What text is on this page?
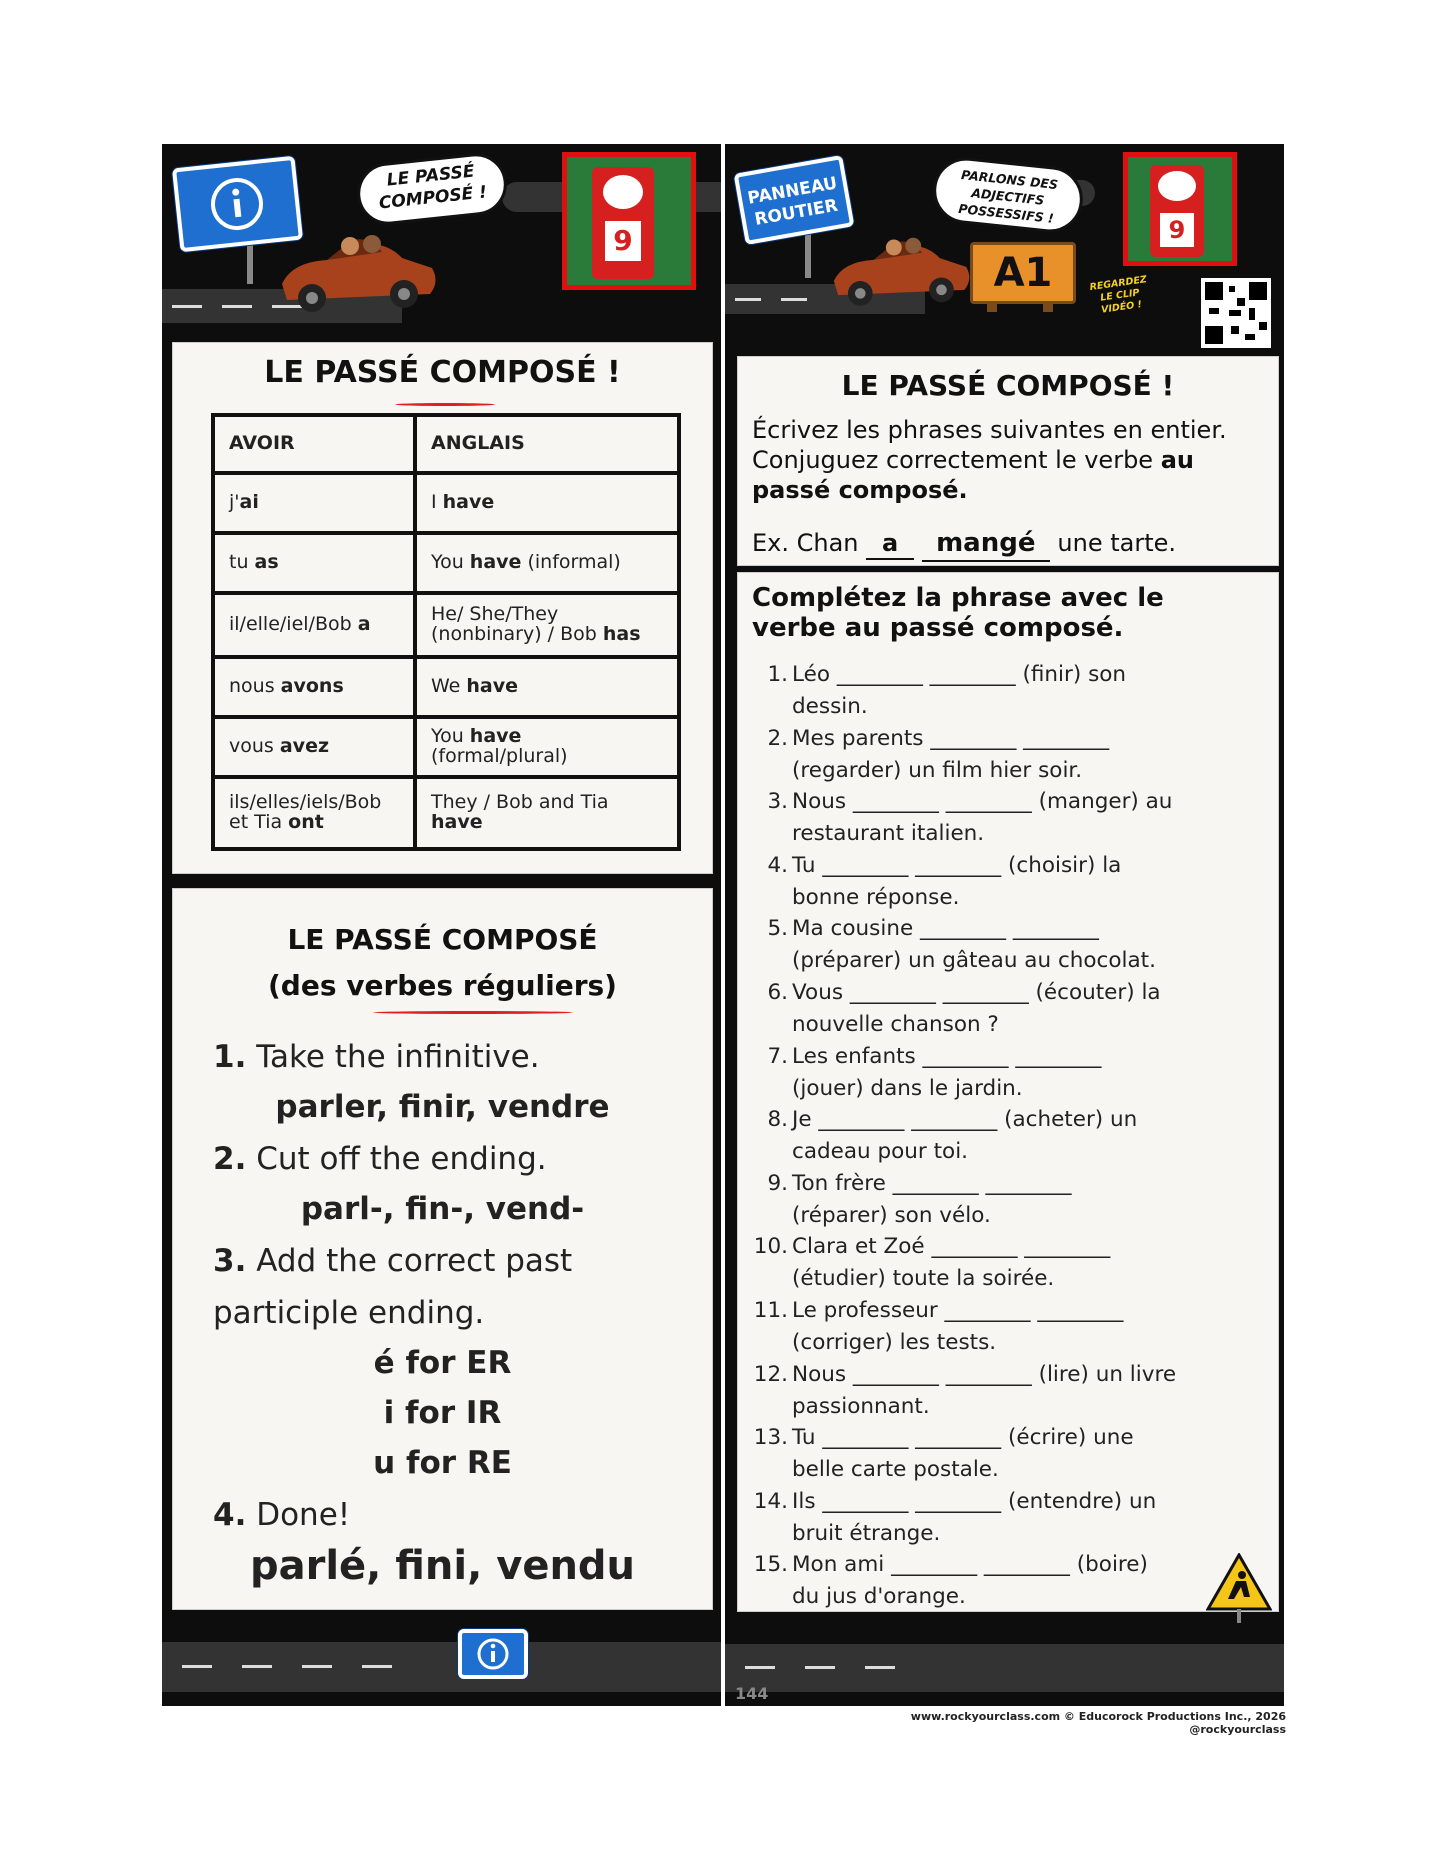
LE PASSÉ COMPOSÉ !
9
LE PASSÉ COMPOSÉ !
AVOIR	ANGLAIS
j'ai	I have
tu as	You have (informal)
il/elle/iel/Bob a	He/ She/They (nonbinary) / Bob has
nous avons	We have
vous avez	You have (formal/plural)
ils/elles/iels/Bob et Tia ont	They / Bob and Tia have
LE PASSÉ COMPOSÉ
(des verbes réguliers)
1. Take the infinitive.
parler, finir, vendre
2. Cut off the ending.
parl-, fin-, vend-
3. Add the correct past
participle ending.
é for ER
i for IR
u for RE
4. Done!
parlé, fini, vendu
PANNEAU ROUTIER
PARLONS DES ADJECTIFS POSSESSIFS !
A1
9
REGARDEZ LE CLIP VIDÉO !
LE PASSÉ COMPOSÉ !
Écrivez les phrases suivantes en entier.
Conjuguez correctement le verbe au
passé composé.
Ex. Chan a mangé une tarte.
Complétez la phrase avec le verbe au passé composé.
1. Léo ________ ________ (finir) son
dessin.
2. Mes parents ________ ________
(regarder) un film hier soir.
3. Nous ________ ________ (manger) au
restaurant italien.
4. Tu ________ ________ (choisir) la
bonne réponse.
5. Ma cousine ________ ________
(préparer) un gâteau au chocolat.
6. Vous ________ ________ (écouter) la
nouvelle chanson ?
7. Les enfants ________ ________
(jouer) dans le jardin.
8. Je ________ ________ (acheter) un
cadeau pour toi.
9. Ton frère ________ ________
(réparer) son vélo.
10. Clara et Zoé ________ ________
(étudier) toute la soirée.
11. Le professeur ________ ________
(corriger) les tests.
12. Nous ________ ________ (lire) un livre
passionnant.
13. Tu ________ ________ (écrire) une
belle carte postale.
14. Ils ________ ________ (entendre) un
bruit étrange.
15. Mon ami ________ ________ (boire)
du jus d'orange.
144
www.rockyourclass.com © Educorock Productions Inc., 2026 @rockyourclass
